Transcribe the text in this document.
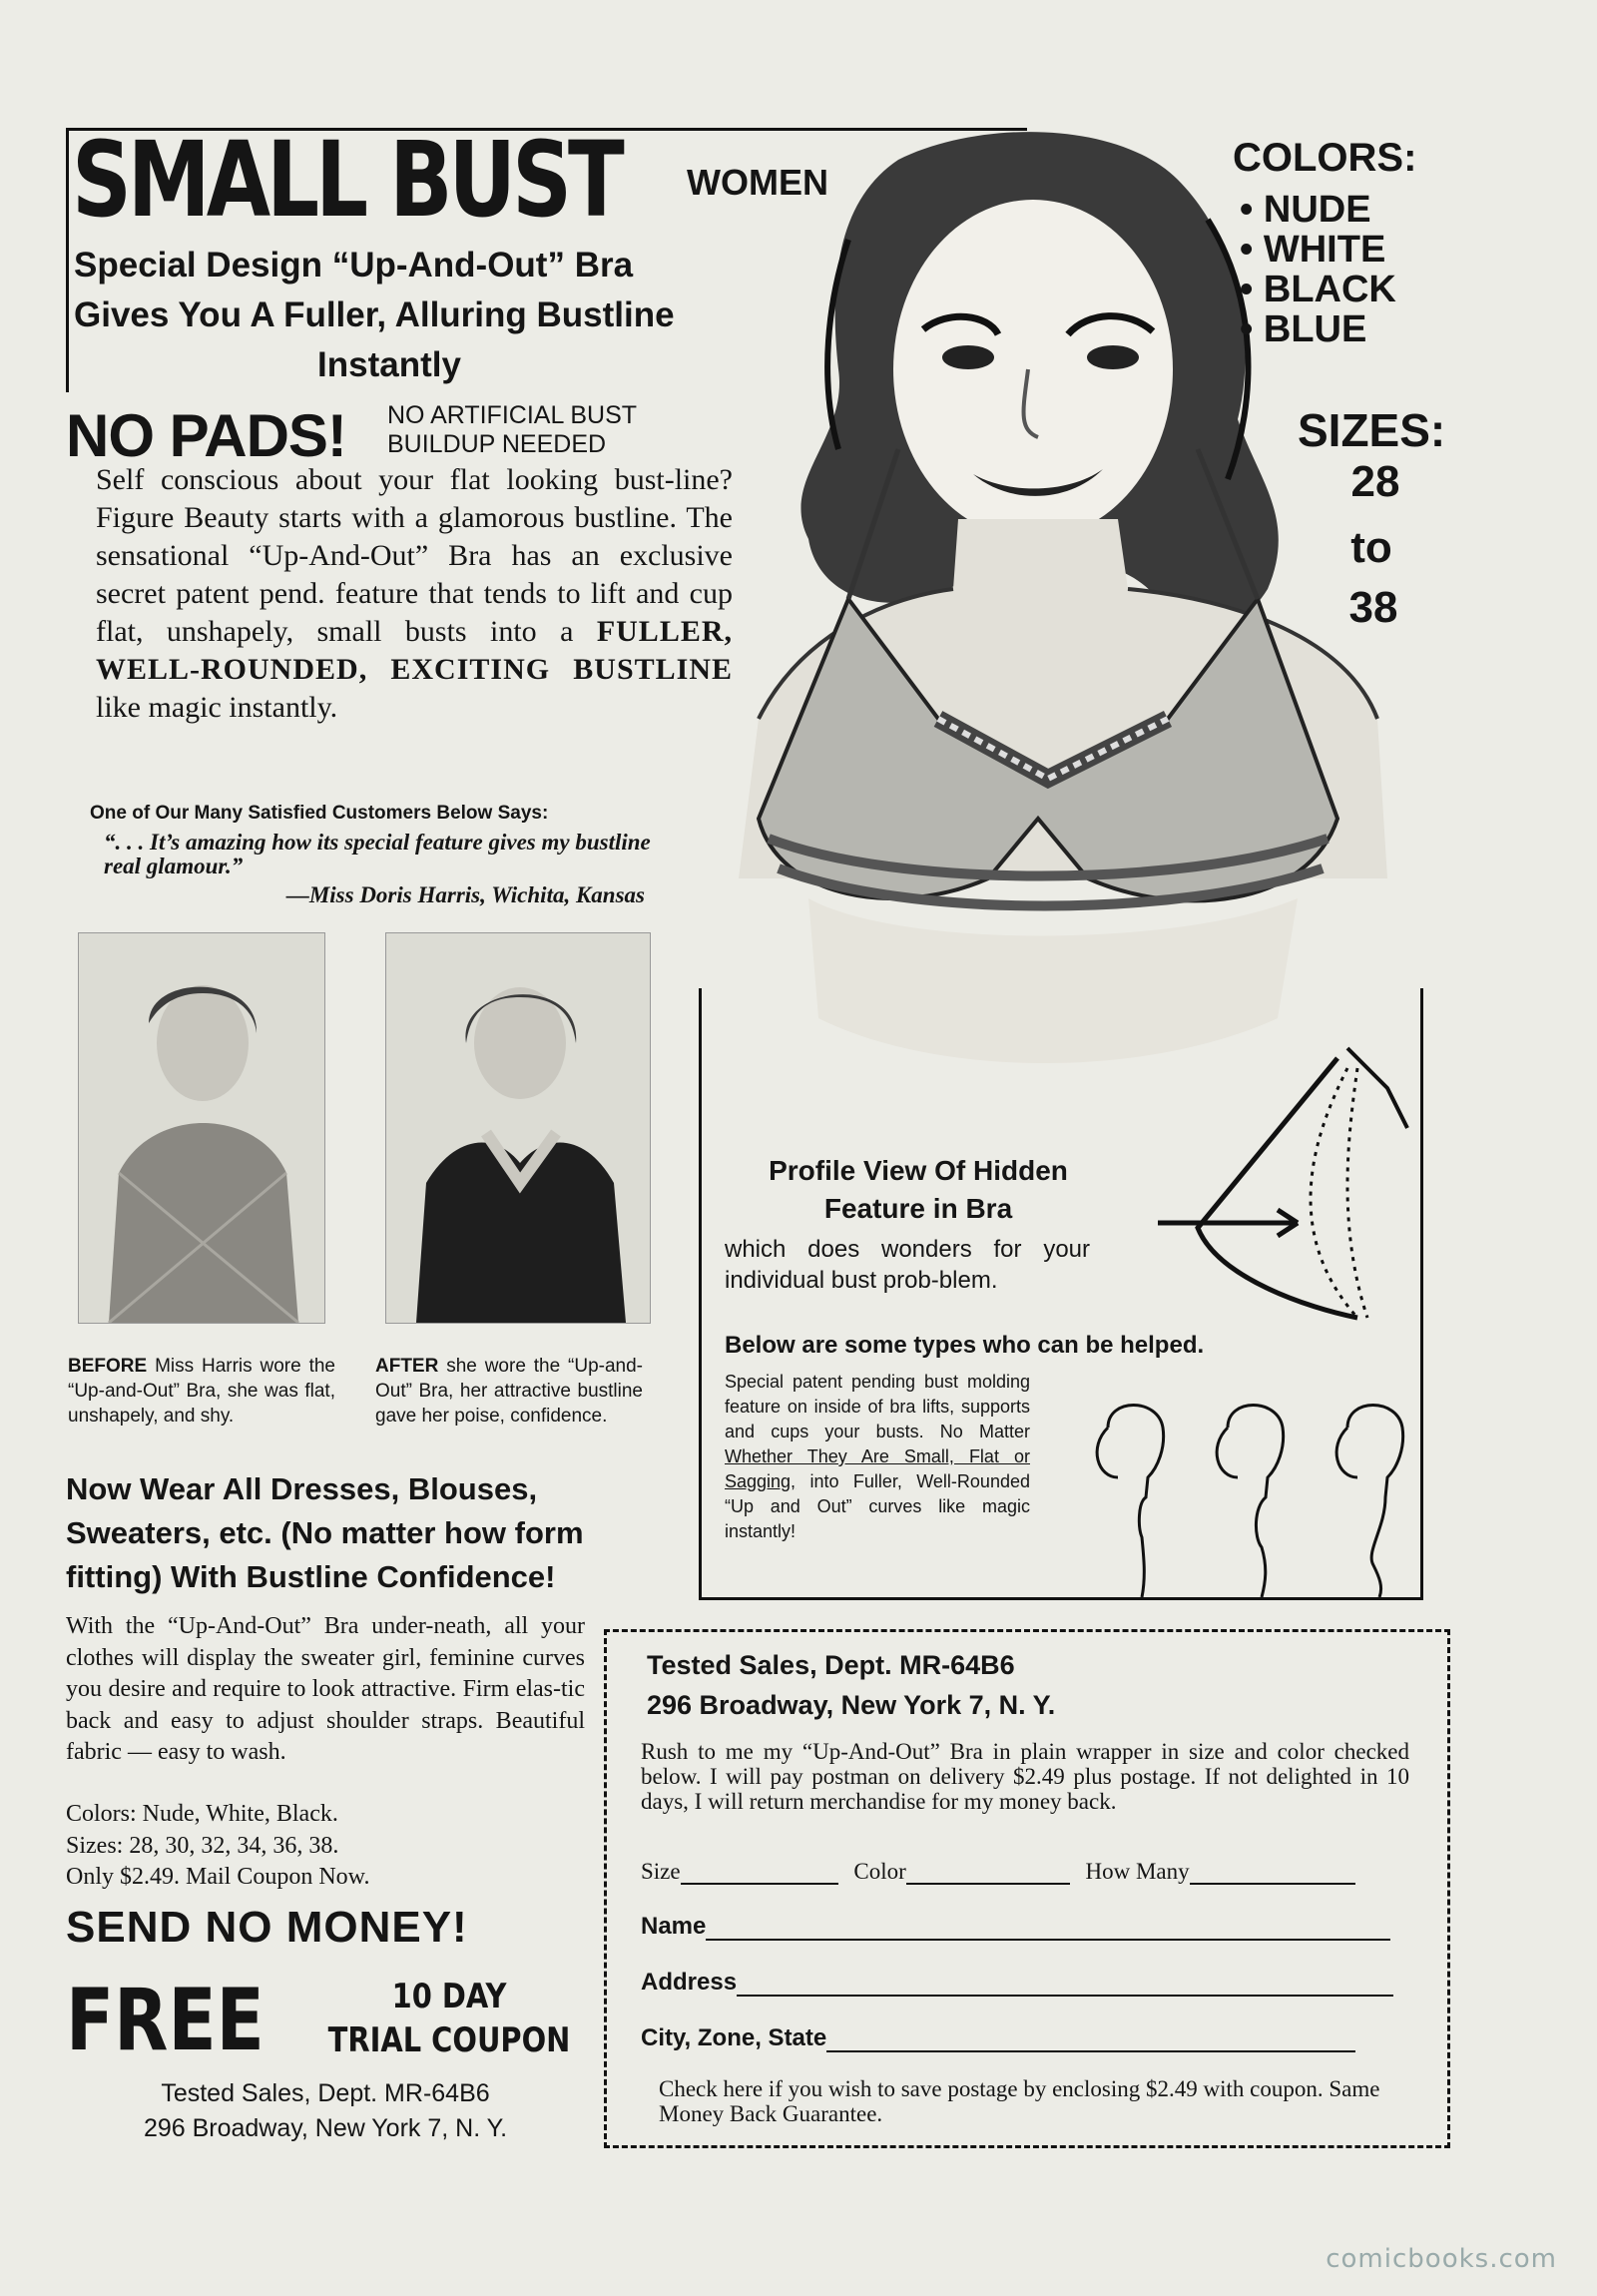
SMALL BUST WOMEN
Special Design “Up-And-Out” Bra
Gives You A Fuller, Alluring Bustline
Instantly
NO PADS! NO ARTIFICIAL BUST
BUILDUP NEEDED
Self conscious about your flat looking bust-line? Figure Beauty starts with a glamorous bustline. The sensational “Up-And-Out” Bra has an exclusive secret patent pend. feature that tends to lift and cup flat, unshapely, small busts into a FULLER, WELL-ROUNDED, EXCITING BUSTLINE like magic instantly.
One of Our Many Satisfied Customers Below Says:
“. . . It’s amazing how its special feature gives my bustline real glamour.”
—Miss Doris Harris, Wichita, Kansas
COLORS:
• NUDE
• WHITE
• BLACK
• BLUE
SIZES:
28
to
38
BEFORE Miss Harris wore the “Up-and-Out” Bra, she was flat, unshapely, and shy.
AFTER she wore the “Up-and-Out” Bra, her attractive bustline gave her poise, confidence.
Profile View Of Hidden
Feature in Bra
which does wonders for your individual bust prob-blem.
Below are some types who can be helped.
Special patent pending bust molding feature on inside of bra lifts, supports and cups your busts. No Matter Whether They Are Small, Flat or Sagging, into Fuller, Well-Rounded “Up and Out” curves like magic instantly!
Now Wear All Dresses, Blouses, Sweaters, etc. (No matter how form fitting) With Bustline Confidence!
With the “Up-And-Out” Bra under-neath, all your clothes will display the sweater girl, feminine curves you desire and require to look attractive. Firm elas-tic back and easy to adjust shoulder straps. Beautiful fabric — easy to wash.
Colors: Nude, White, Black.
Sizes: 28, 30, 32, 34, 36, 38.
Only $2.49. Mail Coupon Now.
SEND NO MONEY!
FREE	10 DAY
TRIAL COUPON
Tested Sales, Dept. MR-64B6
296 Broadway, New York 7, N. Y.
Tested Sales, Dept. MR-64B6
296 Broadway, New York 7, N. Y.
Rush to me my “Up-And-Out” Bra in plain wrapper in size and color checked below. I will pay postman on delivery $2.49 plus postage. If not delighted in 10 days, I will return merchandise for my money back.
Size	Color	How Many
Name
Address
City, Zone, State
Check here if you wish to save postage by enclosing $2.49 with coupon. Same Money Back Guarantee.
comicbooks.com
